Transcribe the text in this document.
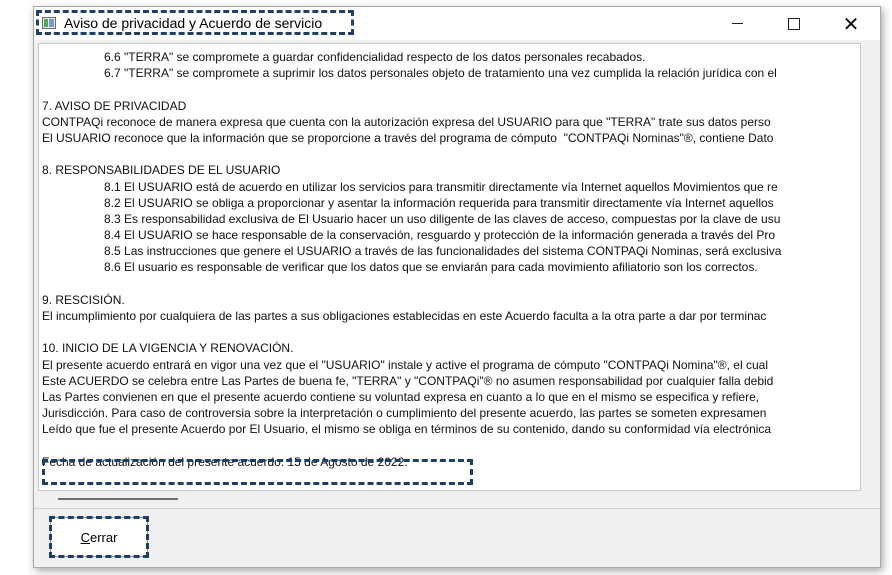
Aviso de privacidad y Acuerdo de servicio	✕
6.6 "TERRA" se compromete a guardar confidencialidad respecto de los datos personales recabados.
6.7 "TERRA" se compromete a suprimir los datos personales objeto de tratamiento una vez cumplida la relación jurídica con el

7. AVISO DE PRIVACIDAD
CONTPAQi reconoce de manera expresa que cuenta con la autorización expresa del USUARIO para que "TERRA" trate sus datos perso
El USUARIO reconoce que la información que se proporcione a través del programa de cómputo  "CONTPAQi Nominas"®, contiene Dato

8. RESPONSABILIDADES DE EL USUARIO
8.1 El USUARIO está de acuerdo en utilizar los servicios para transmitir directamente vía Internet aquellos Movimientos que re
8.2 El USUARIO se obliga a proporcionar y asentar la información requerida para transmitir directamente vía Internet aquellos
8.3 Es responsabilidad exclusiva de El Usuario hacer un uso diligente de las claves de acceso, compuestas por la clave de usu
8.4 El USUARIO se hace responsable de la conservación, resguardo y protección de la información generada a través del Pro
8.5 Las instrucciones que genere el USUARIO a través de las funcionalidades del sistema CONTPAQi Nominas, será exclusiva
8.6 El usuario es responsable de verificar que los datos que se enviarán para cada movimiento afiliatorio son los correctos.

9. RESCISIÓN.
El incumplimiento por cualquiera de las partes a sus obligaciones establecidas en este Acuerdo faculta a la otra parte a dar por terminac

10. INICIO DE LA VIGENCIA Y RENOVACIÓN.
El presente acuerdo entrará en vigor una vez que el "USUARIO" instale y active el programa de cómputo "CONTPAQi Nomina"®, el cual
Este ACUERDO se celebra entre Las Partes de buena fe, "TERRA" y "CONTPAQi"® no asumen responsabilidad por cualquier falla debid
Las Partes convienen en que el presente acuerdo contiene su voluntad expresa en cuanto a lo que en el mismo se especifica y refiere,
Jurisdicción. Para caso de controversia sobre la interpretación o cumplimiento del presente acuerdo, las partes se someten expresamen
Leído que fue el presente Acuerdo por El Usuario, el mismo se obliga en términos de su contenido, dando su conformidad vía electrónica

Fecha de actualización del presente acuerdo: 15 de Agosto de 2022.
C errar
